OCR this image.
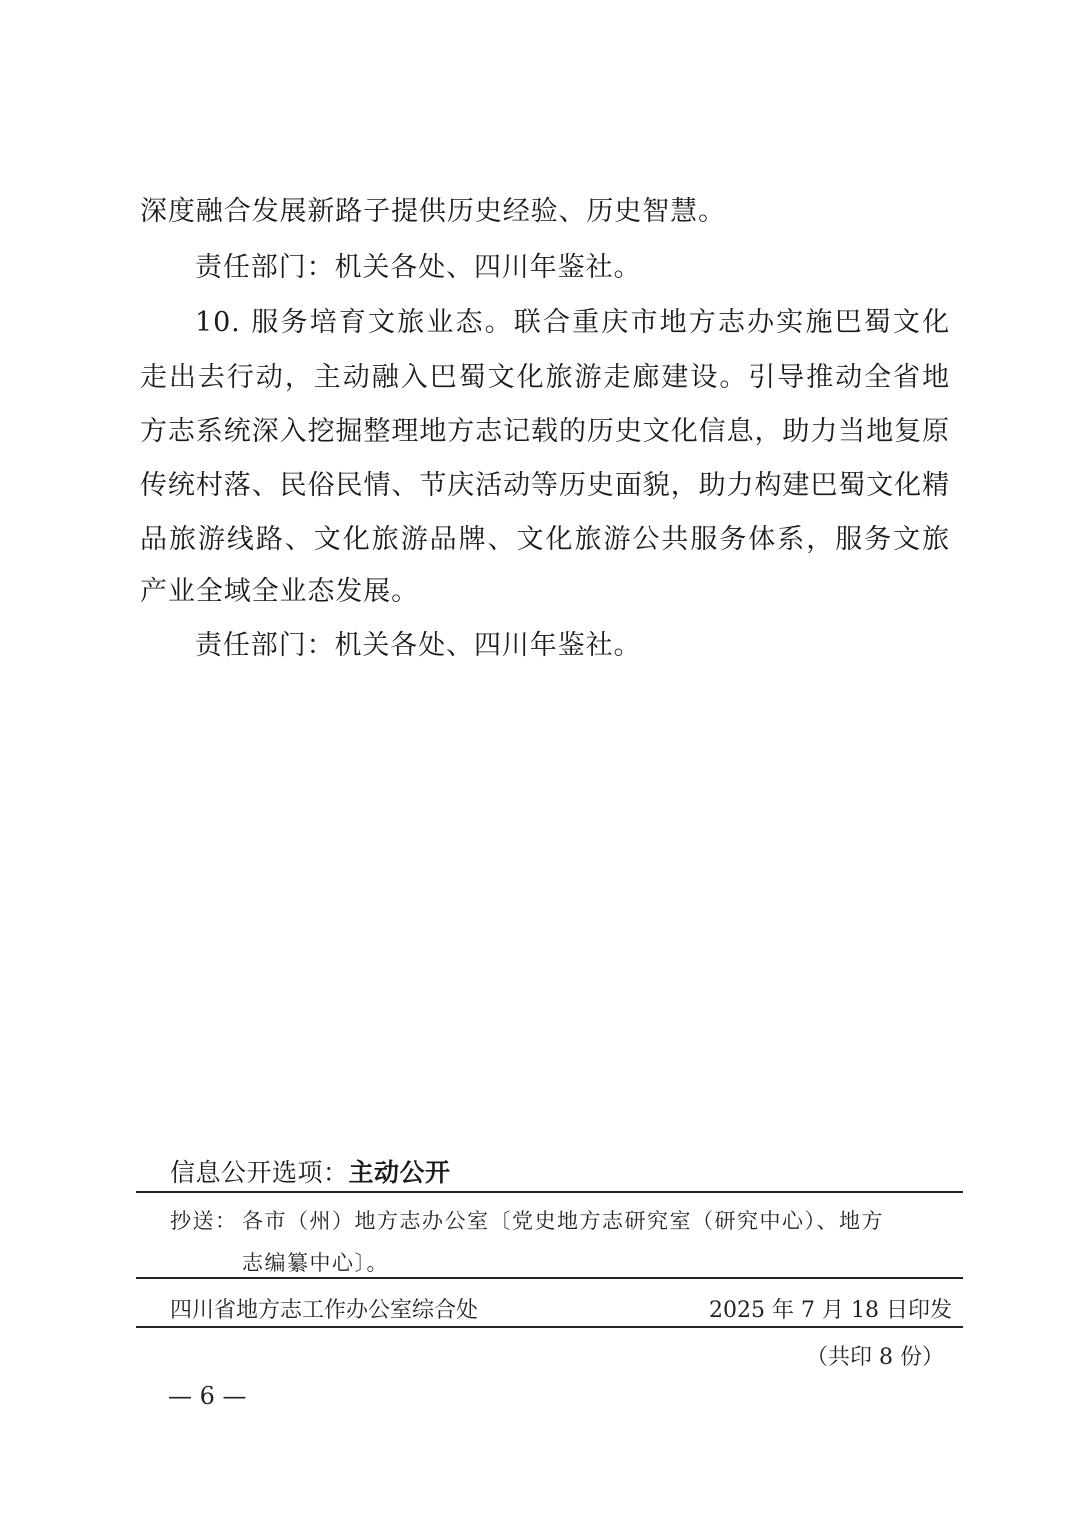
深度融合发展新路子提供历史经验、历史智慧。
责任部门：机关各处、四川年鉴社。
10. 服务培育文旅业态。联合重庆市地方志办实施巴蜀文化
走出去行动，主动融入巴蜀文化旅游走廊建设。引导推动全省地
方志系统深入挖掘整理地方志记载的历史文化信息，助力当地复原
传统村落、民俗民情、节庆活动等历史面貌，助力构建巴蜀文化精
品旅游线路、文化旅游品牌、文化旅游公共服务体系，服务文旅
产业全域全业态发展。
责任部门：机关各处、四川年鉴社。
信息公开选项：主动公开
抄送： 各市（州）地方志办公室〔党史地方志研究室（研究中心）、地方
志编纂中心〕。
四川省地方志工作办公室综合处	2025 年 7 月 18 日印发
（共印 8 份）
— 6 —
